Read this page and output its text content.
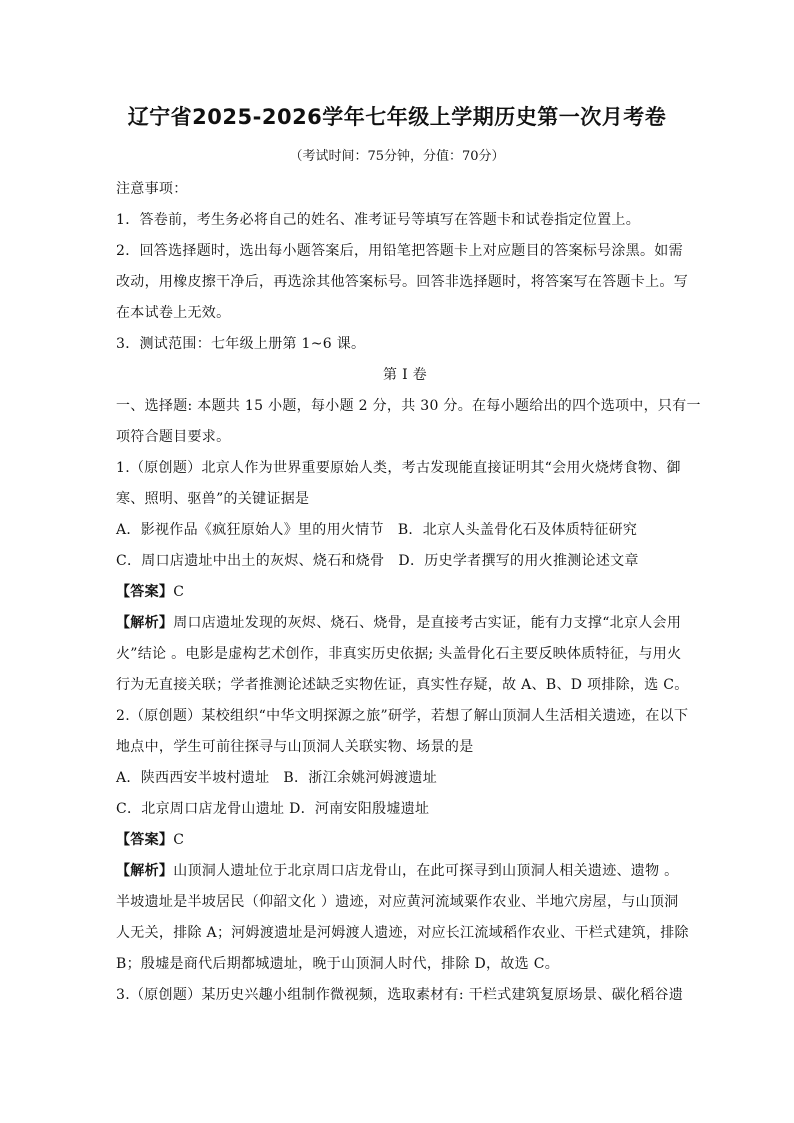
辽宁省2025-2026学年七年级上学期历史第一次月考卷
（考试时间：75分钟，分值：70分）
注意事项：
1．答卷前，考生务必将自己的姓名、准考证号等填写在答题卡和试卷指定位置上。
2．回答选择题时，选出每小题答案后，用铅笔把答题卡上对应题目的答案标号涂黑。如需
改动，用橡皮擦干净后，再选涂其他答案标号。回答非选择题时，将答案写在答题卡上。写
在本试卷上无效。
3．测试范围：七年级上册第 1~6 课。
第 I 卷
一、选择题: 本题共 15 小题，每小题 2 分，共 30 分。在每小题给出的四个选项中，只有一
项符合题目要求。
1.（原创题）北京人作为世界重要原始人类，考古发现能直接证明其“会用火烧烤食物、御
寒、照明、驱兽”的关键证据是
A．影视作品《疯狂原始人》里的用火情节 B．北京人头盖骨化石及体质特征研究
C．周口店遗址中出土的灰烬、烧石和烧骨 D．历史学者撰写的用火推测论述文章
【答案】C
【解析】周口店遗址发现的灰烬、烧石、烧骨，是直接考古实证，能有力支撑“北京人会用
火”结论 。电影是虚构艺术创作，非真实历史依据; 头盖骨化石主要反映体质特征，与用火
行为无直接关联；学者推测论述缺乏实物佐证，真实性存疑，故 A、B、D 项排除，选 C。
2.（原创题）某校组织“中华文明探源之旅”研学，若想了解山顶洞人生活相关遗迹，在以下
地点中，学生可前往探寻与山顶洞人关联实物、场景的是
A．陕西西安半坡村遗址 B．浙江余姚河姆渡遗址
C．北京周口店龙骨山遗址 D．河南安阳殷墟遗址
【答案】C
【解析】山顶洞人遗址位于北京周口店龙骨山，在此可探寻到山顶洞人相关遗迹、遗物 。
半坡遗址是半坡居民（仰韶文化 ）遗迹，对应黄河流域粟作农业、半地穴房屋，与山顶洞
人无关，排除 A；河姆渡遗址是河姆渡人遗迹，对应长江流域稻作农业、干栏式建筑，排除
B；殷墟是商代后期都城遗址，晚于山顶洞人时代，排除 D，故选 C。
3.（原创题）某历史兴趣小组制作微视频，选取素材有: 干栏式建筑复原场景、碳化稻谷遗
